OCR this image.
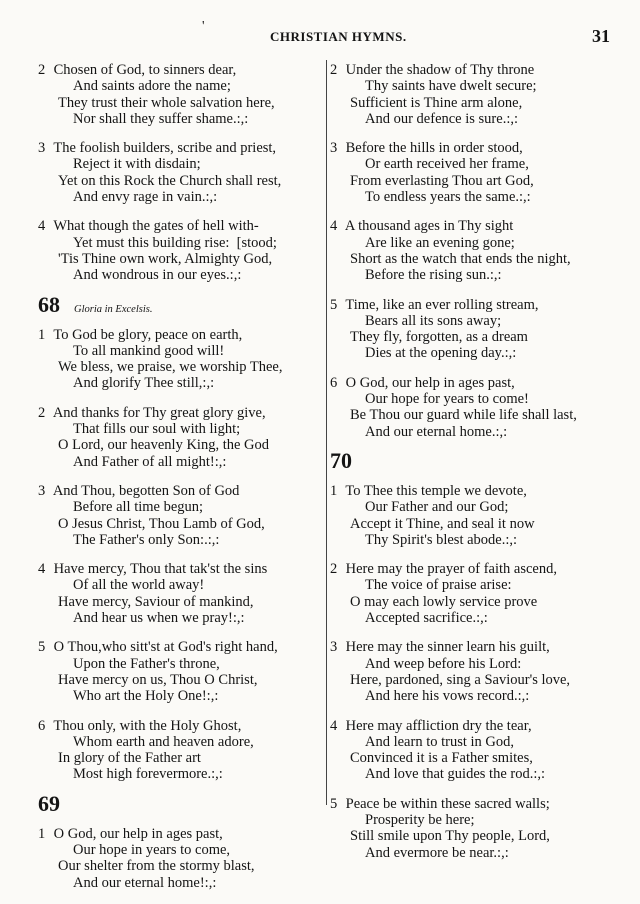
'
CHRISTIAN HYMNS.	31
2 Chosen of God, to sinners dear,
And saints adore the name;
They trust their whole salvation here,
Nor shall they suffer shame.:,:
3 The foolish builders, scribe and priest,
Reject it with disdain;
Yet on this Rock the Church shall rest,
And envy rage in vain.:,:
4 What though the gates of hell with-
Yet must this building rise:  [stood;
'Tis Thine own work, Almighty God,
And wondrous in our eyes.:,:
68 Gloria in Excelsis.
1 To God be glory, peace on earth,
To all mankind good will!
We bless, we praise, we worship Thee,
And glorify Thee still,:,:
2 And thanks for Thy great glory give,
That fills our soul with light;
O Lord, our heavenly King, the God
And Father of all might!:,:
3 And Thou, begotten Son of God
Before all time begun;
O Jesus Christ, Thou Lamb of God,
The Father's only Son:.:,:
4 Have mercy, Thou that tak'st the sins
Of all the world away!
Have mercy, Saviour of mankind,
And hear us when we pray!:,:
5 O Thou,who sitt'st at God's right hand,
Upon the Father's throne,
Have mercy on us, Thou O Christ,
Who art the Holy One!:,:
6 Thou only, with the Holy Ghost,
Whom earth and heaven adore,
In glory of the Father art
Most high forevermore.:,:
69
1 O God, our help in ages past,
Our hope in years to come,
Our shelter from the stormy blast,
And our eternal home!:,:
2 Under the shadow of Thy throne
Thy saints have dwelt secure;
Sufficient is Thine arm alone,
And our defence is sure.:,:
3 Before the hills in order stood,
Or earth received her frame,
From everlasting Thou art God,
To endless years the same.:,:
4 A thousand ages in Thy sight
Are like an evening gone;
Short as the watch that ends the night,
Before the rising sun.:,:
5 Time, like an ever rolling stream,
Bears all its sons away;
They fly, forgotten, as a dream
Dies at the opening day.:,:
6 O God, our help in ages past,
Our hope for years to come!
Be Thou our guard while life shall last,
And our eternal home.:,:
70
1 To Thee this temple we devote,
Our Father and our God;
Accept it Thine, and seal it now
Thy Spirit's blest abode.:,:
2 Here may the prayer of faith ascend,
The voice of praise arise:
O may each lowly service prove
Accepted sacrifice.:,:
3 Here may the sinner learn his guilt,
And weep before his Lord:
Here, pardoned, sing a Saviour's love,
And here his vows record.:,:
4 Here may affliction dry the tear,
And learn to trust in God,
Convinced it is a Father smites,
And love that guides the rod.:,:
5 Peace be within these sacred walls;
Prosperity be here;
Still smile upon Thy people, Lord,
And evermore be near.:,:
